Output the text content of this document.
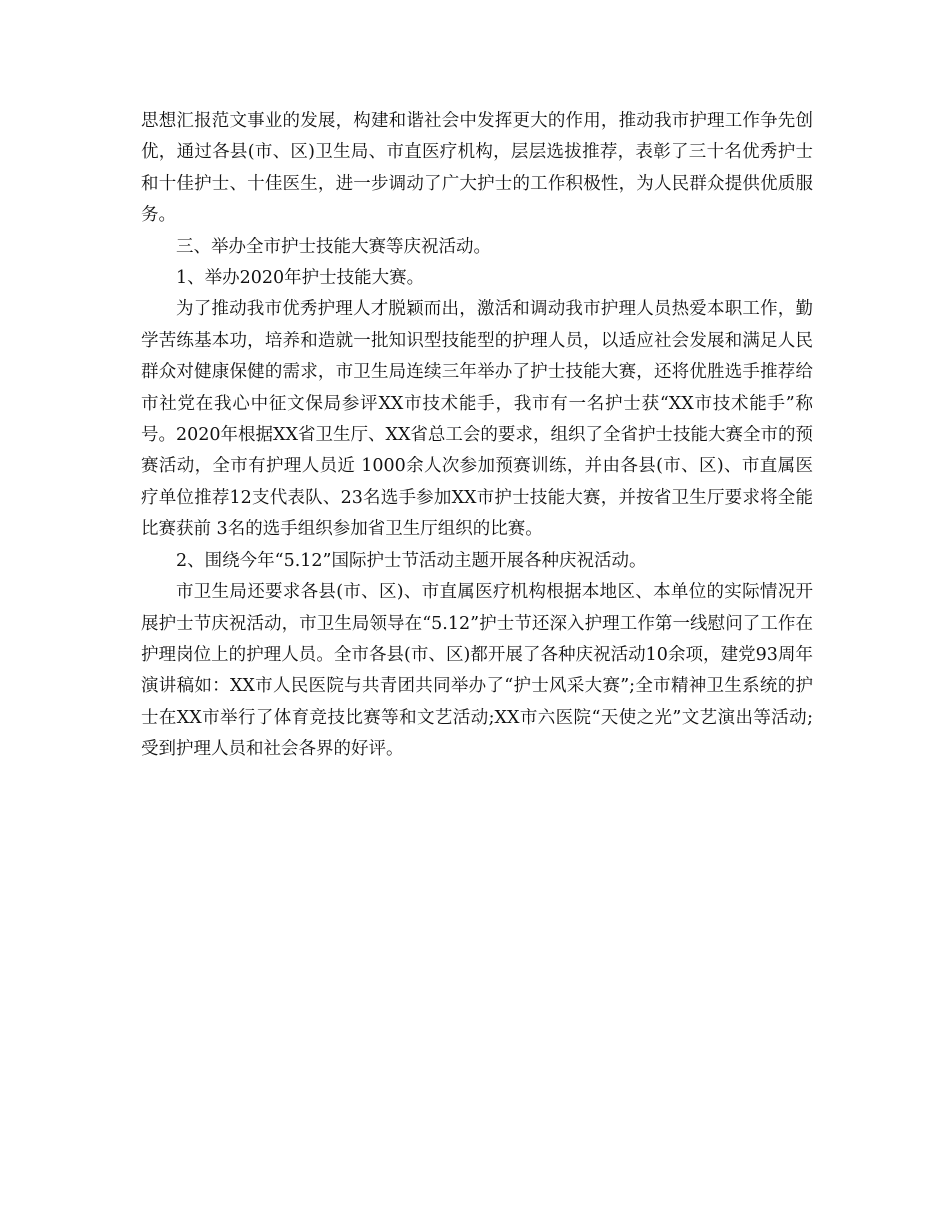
思想汇报范文事业的发展，构建和谐社会中发挥更大的作用，推动我市护理工作争先创优，通过各县(市、区)卫生局、市直医疗机构，层层选拔推荐，表彰了三十名优秀护士和十佳护士、十佳医生，进一步调动了广大护士的工作积极性，为人民群众提供优质服务。

三、举办全市护士技能大赛等庆祝活动。

1、举办2020年护士技能大赛。

为了推动我市优秀护理人才脱颖而出，激活和调动我市护理人员热爱本职工作，勤学苦练基本功，培养和造就一批知识型技能型的护理人员，以适应社会发展和满足人民群众对健康保健的需求，市卫生局连续三年举办了护士技能大赛，还将优胜选手推荐给市社党在我心中征文保局参评XX市技术能手，我市有一名护士获“XX市技术能手”称号。2020年根据XX省卫生厅、XX省总工会的要求，组织了全省护士技能大赛全市的预赛活动，全市有护理人员近 1000余人次参加预赛训练，并由各县(市、区)、市直属医疗单位推荐12支代表队、23名选手参加XX市护士技能大赛，并按省卫生厅要求将全能比赛获前 3名的选手组织参加省卫生厅组织的比赛。

2、围绕今年“5.12”国际护士节活动主题开展各种庆祝活动。

市卫生局还要求各县(市、区)、市直属医疗机构根据本地区、本单位的实际情况开展护士节庆祝活动，市卫生局领导在“5.12”护士节还深入护理工作第一线慰问了工作在护理岗位上的护理人员。全市各县(市、区)都开展了各种庆祝活动10余项，建党93周年演讲稿如：XX市人民医院与共青团共同举办了“护士风采大赛”;全市精神卫生系统的护士在XX市举行了体育竞技比赛等和文艺活动;XX市六医院“天使之光”文艺演出等活动;受到护理人员和社会各界的好评。
